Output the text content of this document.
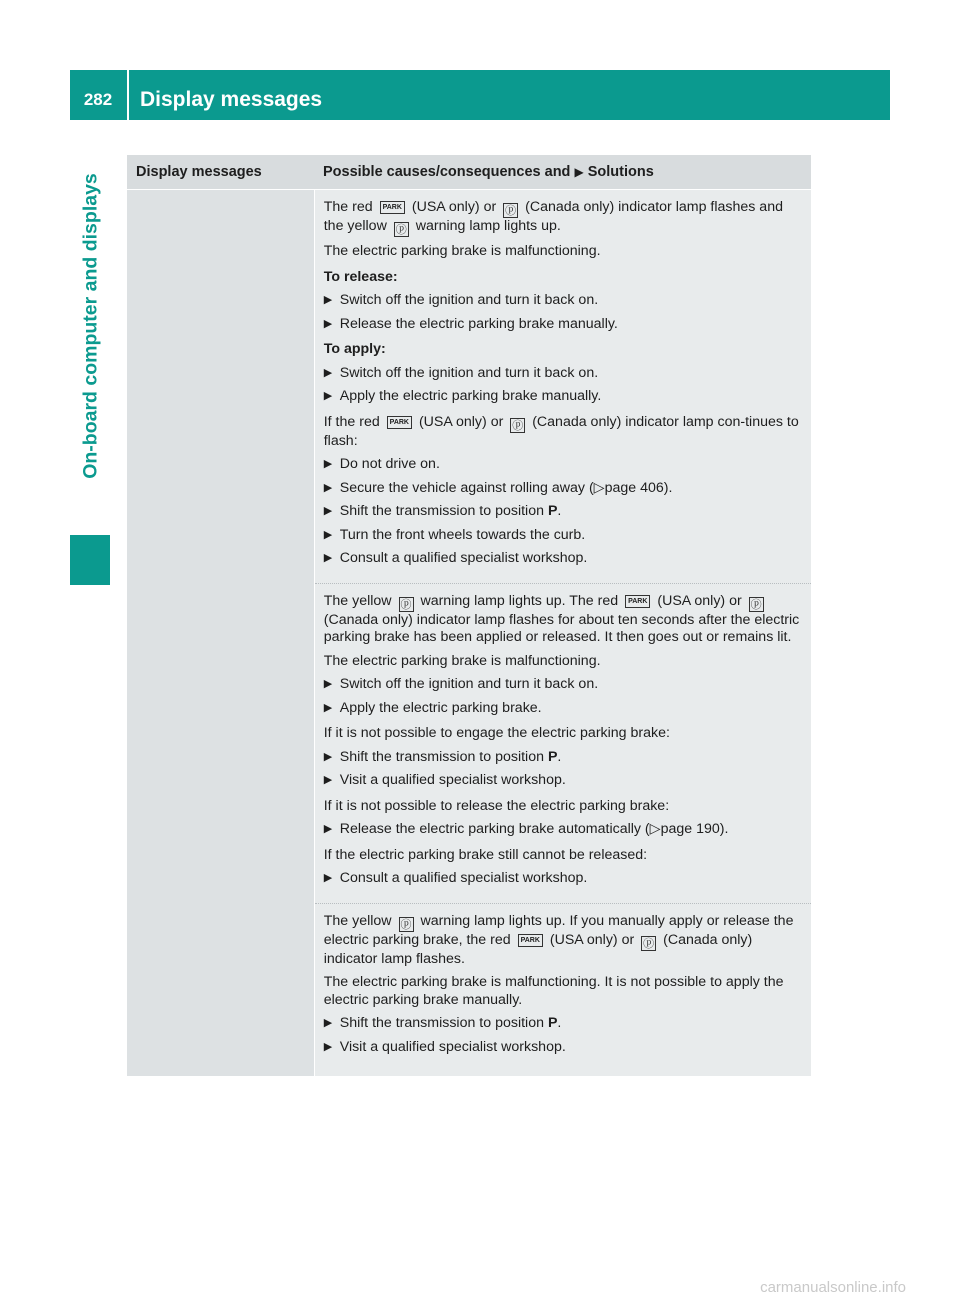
282	Display messages
On-board computer and displays
Display messages	Possible causes/consequences and ▶ Solutions

The red PARK (USA only) or ⓟ (Canada only) indicator lamp flashes and the yellow ⓟ warning lamp lights up.

The electric parking brake is malfunctioning.

To release:

▶ Switch off the ignition and turn it back on.
▶ Release the electric parking brake manually.

To apply:

▶ Switch off the ignition and turn it back on.
▶ Apply the electric parking brake manually.

If the red PARK (USA only) or ⓟ (Canada only) indicator lamp con-tinues to flash:

▶ Do not drive on.
▶ Secure the vehicle against rolling away (▷page 406).
▶ Shift the transmission to position P.
▶ Turn the front wheels towards the curb.
▶ Consult a qualified specialist workshop.

The yellow ⓟ warning lamp lights up. The red PARK (USA only) or ⓟ (Canada only) indicator lamp flashes for about ten seconds after the electric parking brake has been applied or released. It then goes out or remains lit.

The electric parking brake is malfunctioning.

▶ Switch off the ignition and turn it back on.
▶ Apply the electric parking brake.

If it is not possible to engage the electric parking brake:

▶ Shift the transmission to position P.
▶ Visit a qualified specialist workshop.

If it is not possible to release the electric parking brake:

▶ Release the electric parking brake automatically (▷page 190).

If the electric parking brake still cannot be released:

▶ Consult a qualified specialist workshop.

The yellow ⓟ warning lamp lights up. If you manually apply or release the electric parking brake, the red PARK (USA only) or ⓟ (Canada only) indicator lamp flashes.

The electric parking brake is malfunctioning. It is not possible to apply the electric parking brake manually.

▶ Shift the transmission to position P.
▶ Visit a qualified specialist workshop.
carmanualsonline.info
